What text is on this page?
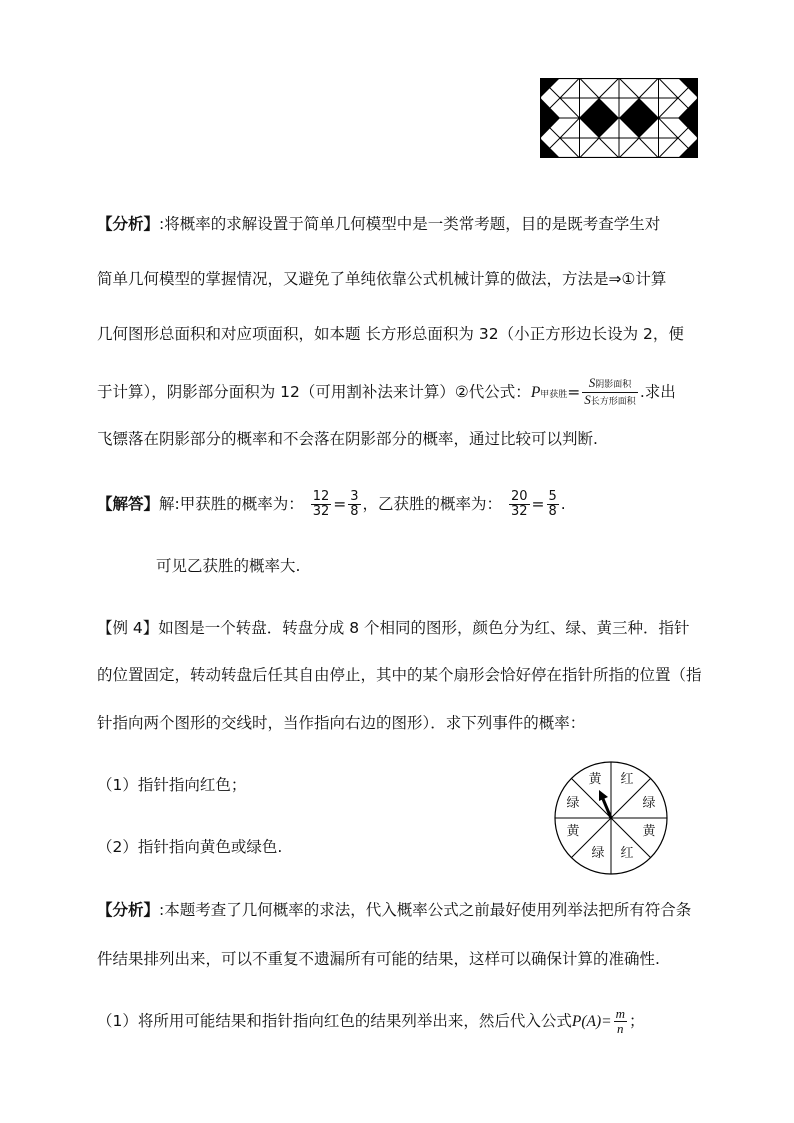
【分析】:将概率的求解设置于简单几何模型中是一类常考题，目的是既考查学生对
简单几何模型的掌握情况，又避免了单纯依靠公式机械计算的做法，方法是⇒①计算
几何图形总面积和对应项面积，如本题 长方形总面积为 32（小正方形边长设为 2，便
于计算），阴影部分面积为 12（可用割补法来计算）②代公式：P甲获胜= $\frac{\text{S阴影面积}}{\text{S长方形面积}}$ .求出
飞镖落在阴影部分的概率和不会落在阴影部分的概率，通过比较可以判断.
【解答】解:甲获胜的概率为： $\frac{12}{32} = \frac{3}{8}$ ，乙获胜的概率为： $\frac{20}{32} = \frac{5}{8}$ .
可见乙获胜的概率大.
【例 4】如图是一个转盘．转盘分成 8 个相同的图形，颜色分为红、绿、黄三种．指针
的位置固定，转动转盘后任其自由停止，其中的某个扇形会恰好停在指针所指的位置（指
针指向两个图形的交线时，当作指向右边的图形）．求下列事件的概率：
（1）指针指向红色；
（2）指针指向黄色或绿色.
黄 红
绿
黄
红
绿
黄
绿
【分析】:本题考查了几何概率的求法，代入概率公式之前最好使用列举法把所有符合条
件结果排列出来，可以不重复不遗漏所有可能的结果，这样可以确保计算的准确性.
（1）将所用可能结果和指针指向红色的结果列举出来，然后代入公式$P(A)= \frac{m}{n}$ ；
